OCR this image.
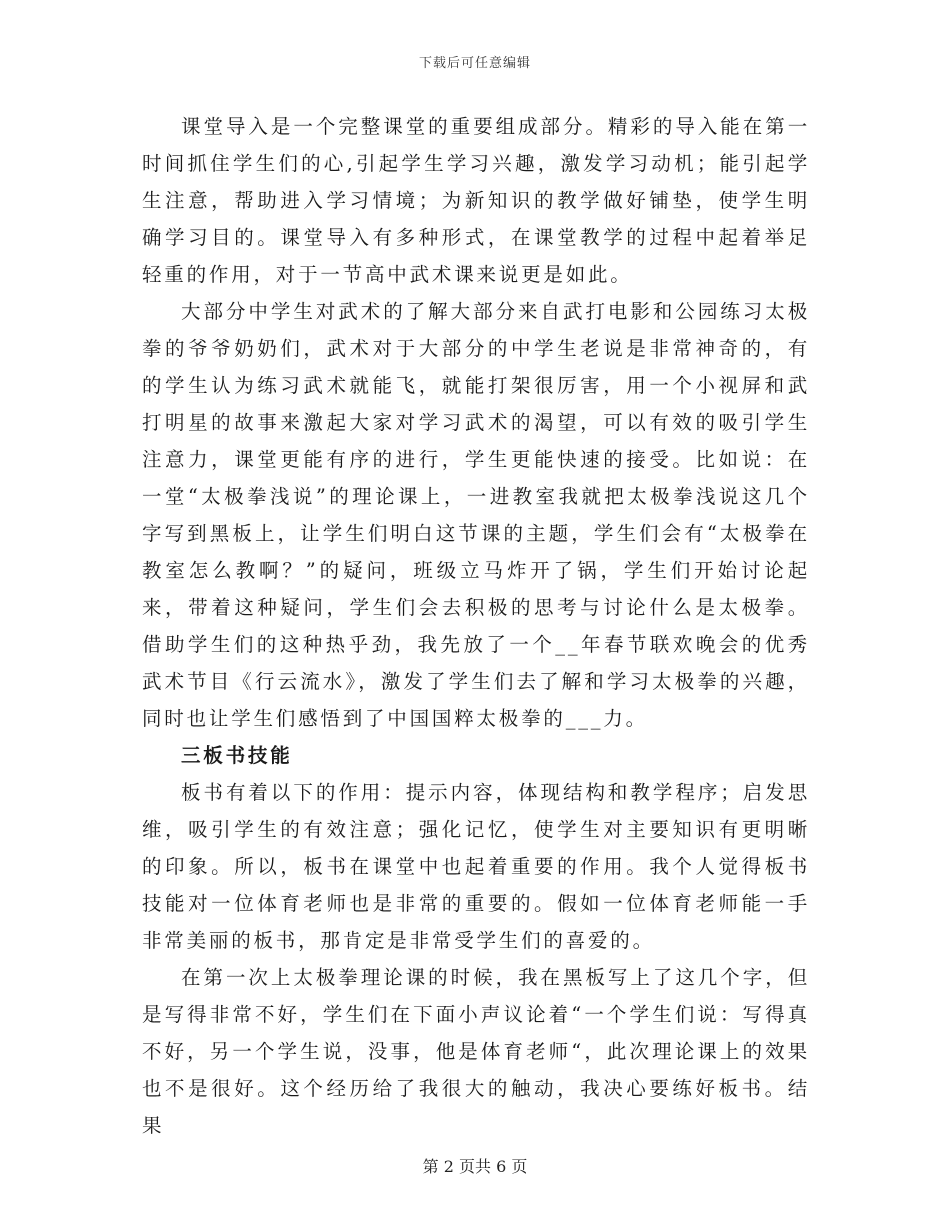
下载后可任意编辑

课堂导入是一个完整课堂的重要组成部分。精彩的导入能在第一时间抓住学生们的心,引起学生学习兴趣，激发学习动机；能引起学生注意，帮助进入学习情境；为新知识的教学做好铺垫，使学生明确学习目的。课堂导入有多种形式，在课堂教学的过程中起着举足轻重的作用，对于一节高中武术课来说更是如此。

大部分中学生对武术的了解大部分来自武打电影和公园练习太极拳的爷爷奶奶们，武术对于大部分的中学生老说是非常神奇的，有的学生认为练习武术就能飞，就能打架很厉害，用一个小视屏和武打明星的故事来激起大家对学习武术的渴望，可以有效的吸引学生注意力，课堂更能有序的进行，学生更能快速的接受。比如说：在一堂“太极拳浅说”的理论课上，一进教室我就把太极拳浅说这几个字写到黑板上，让学生们明白这节课的主题，学生们会有“太极拳在教室怎么教啊？”的疑问，班级立马炸开了锅，学生们开始讨论起来，带着这种疑问，学生们会去积极的思考与讨论什么是太极拳。借助学生们的这种热乎劲，我先放了一个__年春节联欢晚会的优秀武术节目《行云流水》，激发了学生们去了解和学习太极拳的兴趣，同时也让学生们感悟到了中国国粹太极拳的___力。

三板书技能

板书有着以下的作用：提示内容，体现结构和教学程序；启发思维，吸引学生的有效注意；强化记忆，使学生对主要知识有更明晰的印象。所以，板书在课堂中也起着重要的作用。我个人觉得板书技能对一位体育老师也是非常的重要的。假如一位体育老师能一手非常美丽的板书，那肯定是非常受学生们的喜爱的。

在第一次上太极拳理论课的时候，我在黑板写上了这几个字，但是写得非常不好，学生们在下面小声议论着“一个学生们说：写得真不好，另一个学生说，没事，他是体育老师“，此次理论课上的效果也不是很好。这个经历给了我很大的触动，我决心要练好板书。结果

第 2 页共 6 页
